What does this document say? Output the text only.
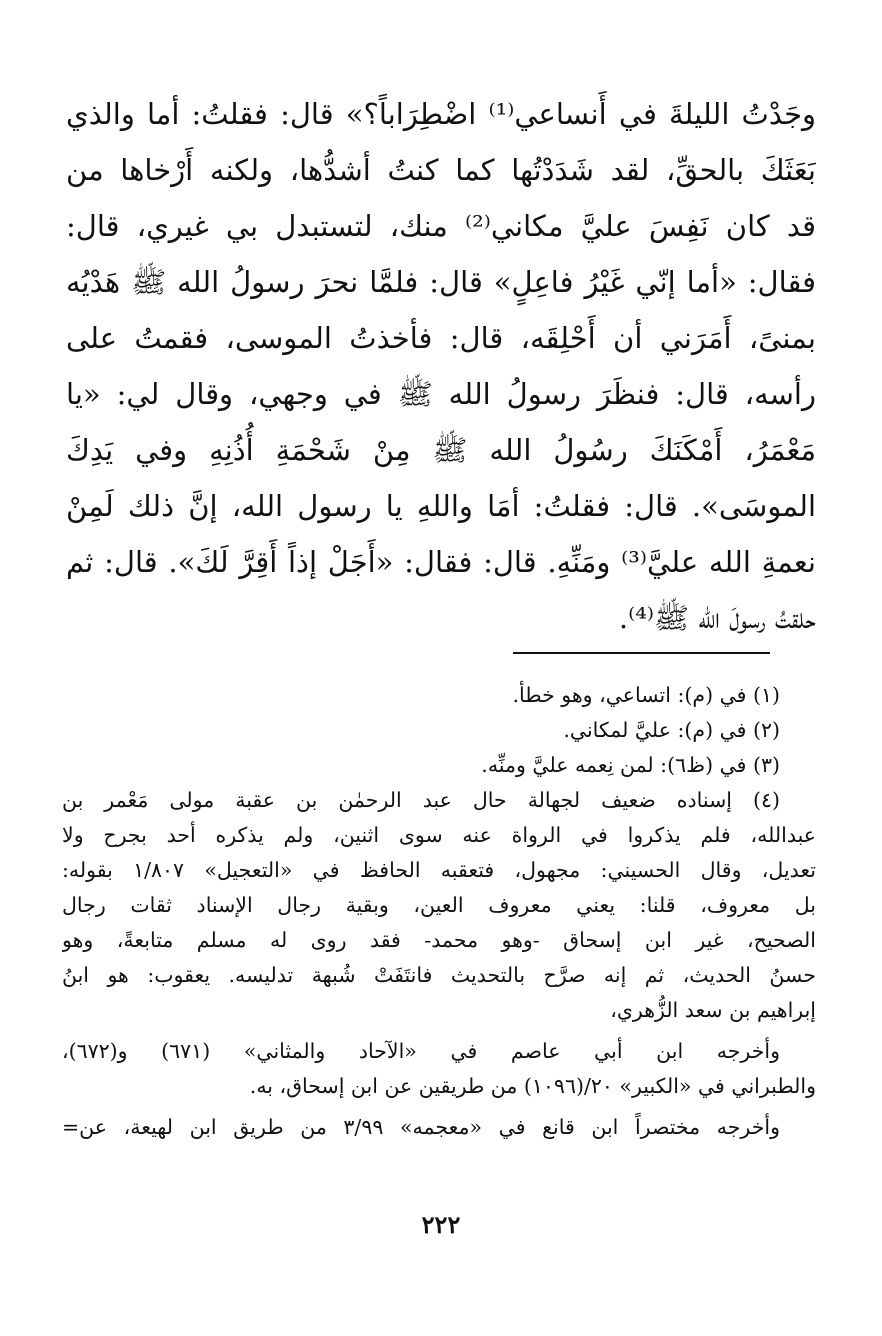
وجَدْتُ الليلةَ في أَنساعي⁽¹⁾ اضْطِرَاباً؟» قال: فقلتُ: أما والذي
بَعَثَكَ بالحقِّ، لقد شَدَدْتُها كما كنتُ أشدُّها، ولكنه أَرْخاها من
قد كان نَفِسَ عليَّ مكاني⁽²⁾ منك، لتستبدل بي غيري، قال:
فقال: «أما إنّي غَيْرُ فاعِلٍ» قال: فلمَّا نحرَ رسولُ الله ﷺ هَدْيُه
بمنىً، أَمَرَني أن أَحْلِقَه، قال: فأخذتُ الموسى، فقمتُ على
رأسه، قال: فنظَرَ رسولُ الله ﷺ في وجهي، وقال لي: «يا
مَعْمَرُ، أَمْكَنَكَ رسُولُ الله ﷺ مِنْ شَحْمَةِ أُذُنِهِ وفي يَدِكَ
الموسَى». قال: فقلتُ: أمَا واللهِ يا رسول الله، إنَّ ذلك لَمِنْ
نعمةِ الله عليَّ⁽³⁾ ومَنِّهِ. قال: فقال: «أَجَلْ إذاً أَقِرَّ لَكَ». قال: ثم
حلقتُ رسولَ الله ﷺ⁽⁴⁾.
(١) في (م): اتساعي، وهو خطأ.
(٢) في (م): عليَّ لمكاني.
(٣) في (ظ٦): لمن نِعمه عليَّ ومنِّه.
(٤) إسناده ضعيف لجهالة حال عبد الرحمٰن بن عقبة مولى مَعْمر بن
عبدالله، فلم يذكروا في الرواة عنه سوى اثنين، ولم يذكره أحد بجرح ولا
تعديل، وقال الحسيني: مجهول، فتعقبه الحافظ في «التعجيل» ١/٨٠٧ بقوله:
بل معروف، قلنا: يعني معروف العين، وبقية رجال الإسناد ثقات رجال
الصحيح، غير ابن إسحاق -وهو محمد- فقد روى له مسلم متابعةً، وهو
حسنُ الحديث، ثم إنه صرَّح بالتحديث فانتَفَتْ شُبهة تدليسه. يعقوب: هو ابنُ
إبراهيم بن سعد الزُّهري،
وأخرجه ابن أبي عاصم في «الآحاد والمثاني» (٦٧١) و(٦٧٢)،
والطبراني في «الكبير» ٢٠/(١٠٩٦) من طريقين عن ابن إسحاق، به.
وأخرجه مختصراً ابن قانع في «معجمه» ٣/٩٩ من طريق ابن لهيعة، عن=
٢٢٢
